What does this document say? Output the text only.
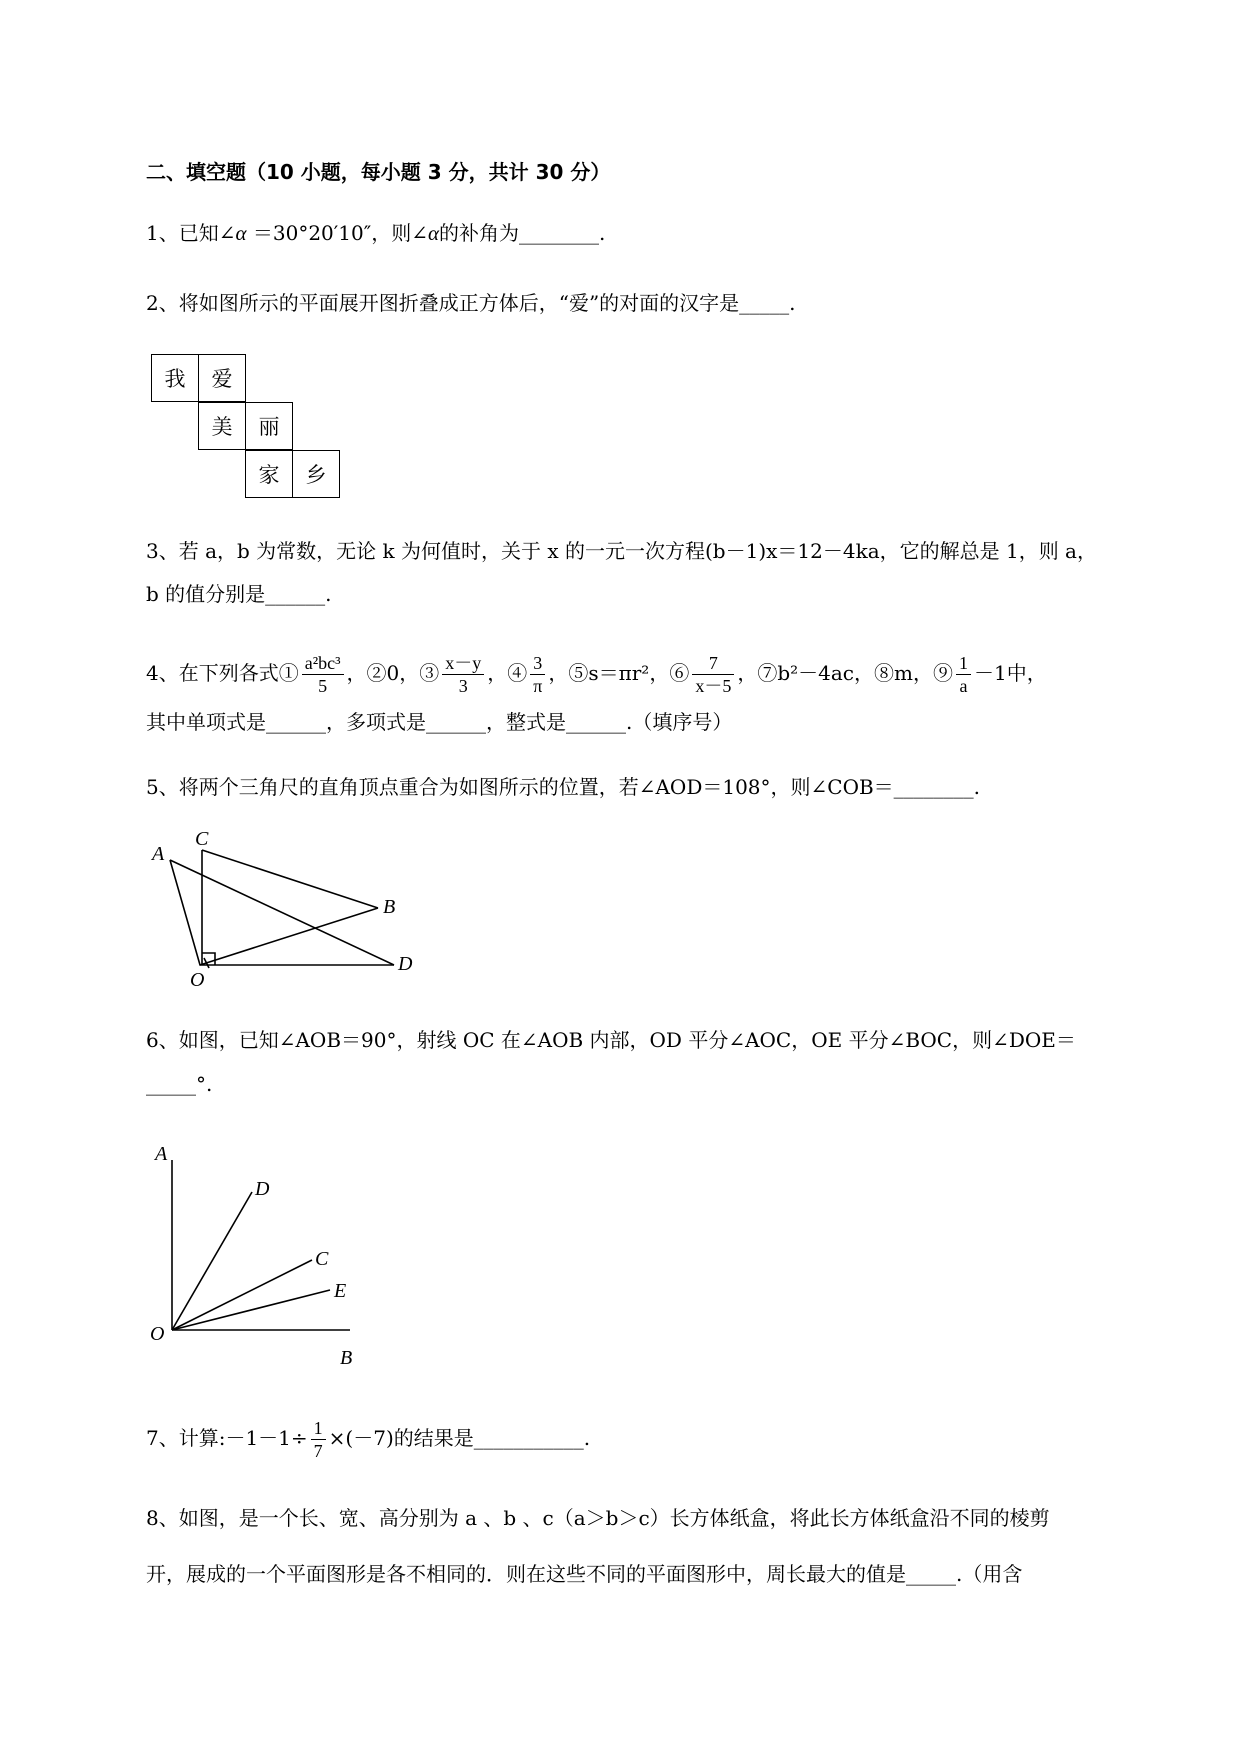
二、填空题（10 小题，每小题 3 分，共计 30 分）
1、已知∠α ＝30°20′10″，则∠α的补角为________.
2、将如图所示的平面展开图折叠成正方体后，“爱”的对面的汉字是_____.
我	爱
美	丽
家	乡
3、若 a，b 为常数，无论 k 为何值时，关于 x 的一元一次方程(b－1)x＝12－4ka，它的解总是 1，则 a，
b 的值分别是______.
4、在下列各式① $\frac{\text{a²bc³}}{5}$ ，②0，③ $\frac{x-y}{3}$ ，④ $\frac{3}{\pi}$ ，⑤s＝πr²，⑥ $\frac{7}{x-5}$ ，⑦b²－4ac，⑧m，⑨ $\frac{1}{a} -1$中，
其中单项式是______，多项式是______，整式是______.（填序号）
5、将两个三角尺的直角顶点重合为如图所示的位置，若∠AOD＝108°，则∠COB＝________.
A
C
B
D
O
6、如图，已知∠AOB＝90°，射线 OC 在∠AOB 内部，OD 平分∠AOC，OE 平分∠BOC，则∠DOE＝
_____°.
A
D
C
E
O
B
7、计算:－1－1÷ $\frac{1}{7} \times(-7)$的结果是___________.
8、如图，是一个长、宽、高分别为 a 、b 、c（a＞b＞c）长方体纸盒，将此长方体纸盒沿不同的棱剪
开，展成的一个平面图形是各不相同的．则在这些不同的平面图形中，周长最大的值是_____.（用含
